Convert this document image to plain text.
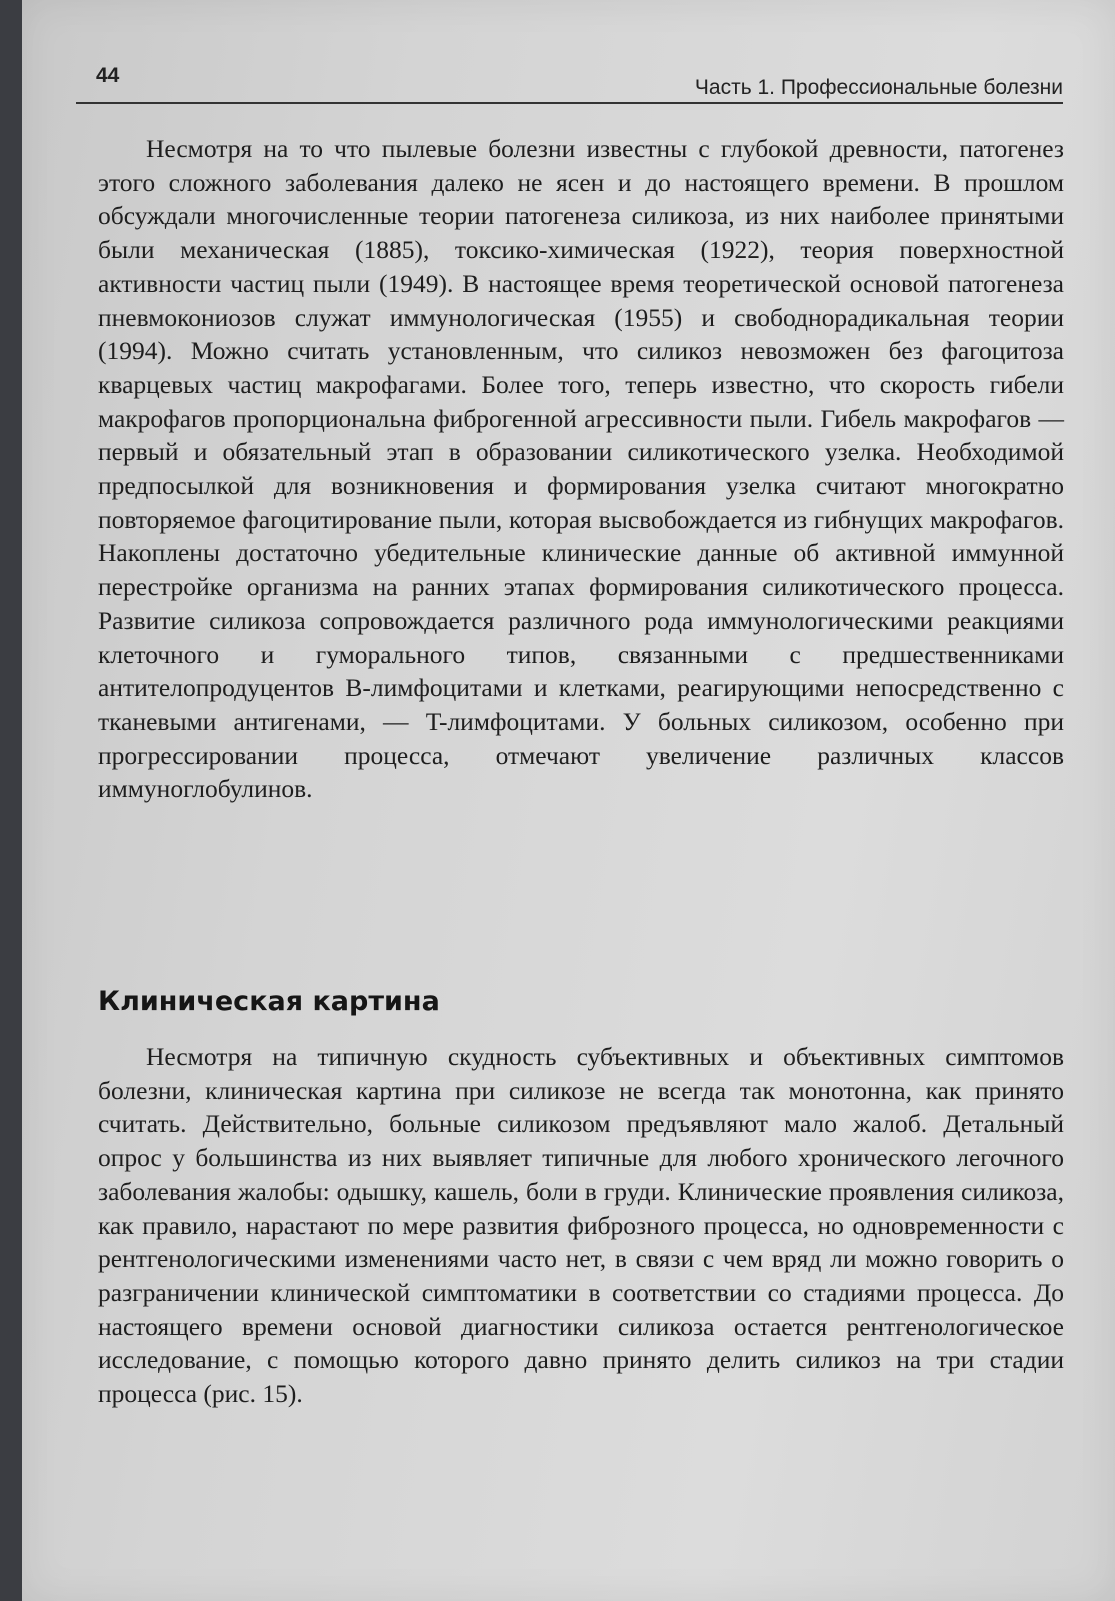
44
Часть 1. Профессиональные болезни

Несмотря на то что пылевые болезни известны с глубокой древности, патогенез этого сложного заболевания далеко не ясен и до настоящего времени. В прошлом обсуждали многочисленные теории патогенеза силикоза, из них наиболее принятыми были механическая (1885), токсико-химическая (1922), теория поверхностной активности частиц пыли (1949). В настоящее время теоретической основой патогенеза пневмокониозов служат иммунологическая (1955) и свободнорадикальная теории (1994). Можно считать установленным, что силикоз невозможен без фагоцитоза кварцевых частиц макрофагами. Более того, теперь известно, что скорость гибели макрофагов пропорциональна фиброгенной агрессивности пыли. Гибель макрофагов — первый и обязательный этап в образовании силикотического узелка. Необходимой предпосылкой для возникновения и формирования узелка считают многократно повторяемое фагоцитирование пыли, которая высвобождается из гибнущих макрофагов. Накоплены достаточно убедительные клинические данные об активной иммунной перестройке организма на ранних этапах формирования силикотического процесса. Развитие силикоза сопровождается различного рода иммунологическими реакциями клеточного и гуморального типов, связанными с предшественниками антителопродуцентов B-лимфоцитами и клетками, реагирующими непосредственно с тканевыми антигенами, — T-лимфоцитами. У больных силикозом, особенно при прогрессировании процесса, отмечают увеличение различных классов иммуноглобулинов.

Клиническая картина

Несмотря на типичную скудность субъективных и объективных симптомов болезни, клиническая картина при силикозе не всегда так монотонна, как принято считать. Действительно, больные силикозом предъявляют мало жалоб. Детальный опрос у большинства из них выявляет типичные для любого хронического легочного заболевания жалобы: одышку, кашель, боли в груди. Клинические проявления силикоза, как правило, нарастают по мере развития фиброзного процесса, но одновременности с рентгенологическими изменениями часто нет, в связи с чем вряд ли можно говорить о разграничении клинической симптоматики в соответствии со стадиями процесса. До настоящего времени основой диагностики силикоза остается рентгенологическое исследование, с помощью которого давно принято делить силикоз на три стадии процесса (рис. 15).
